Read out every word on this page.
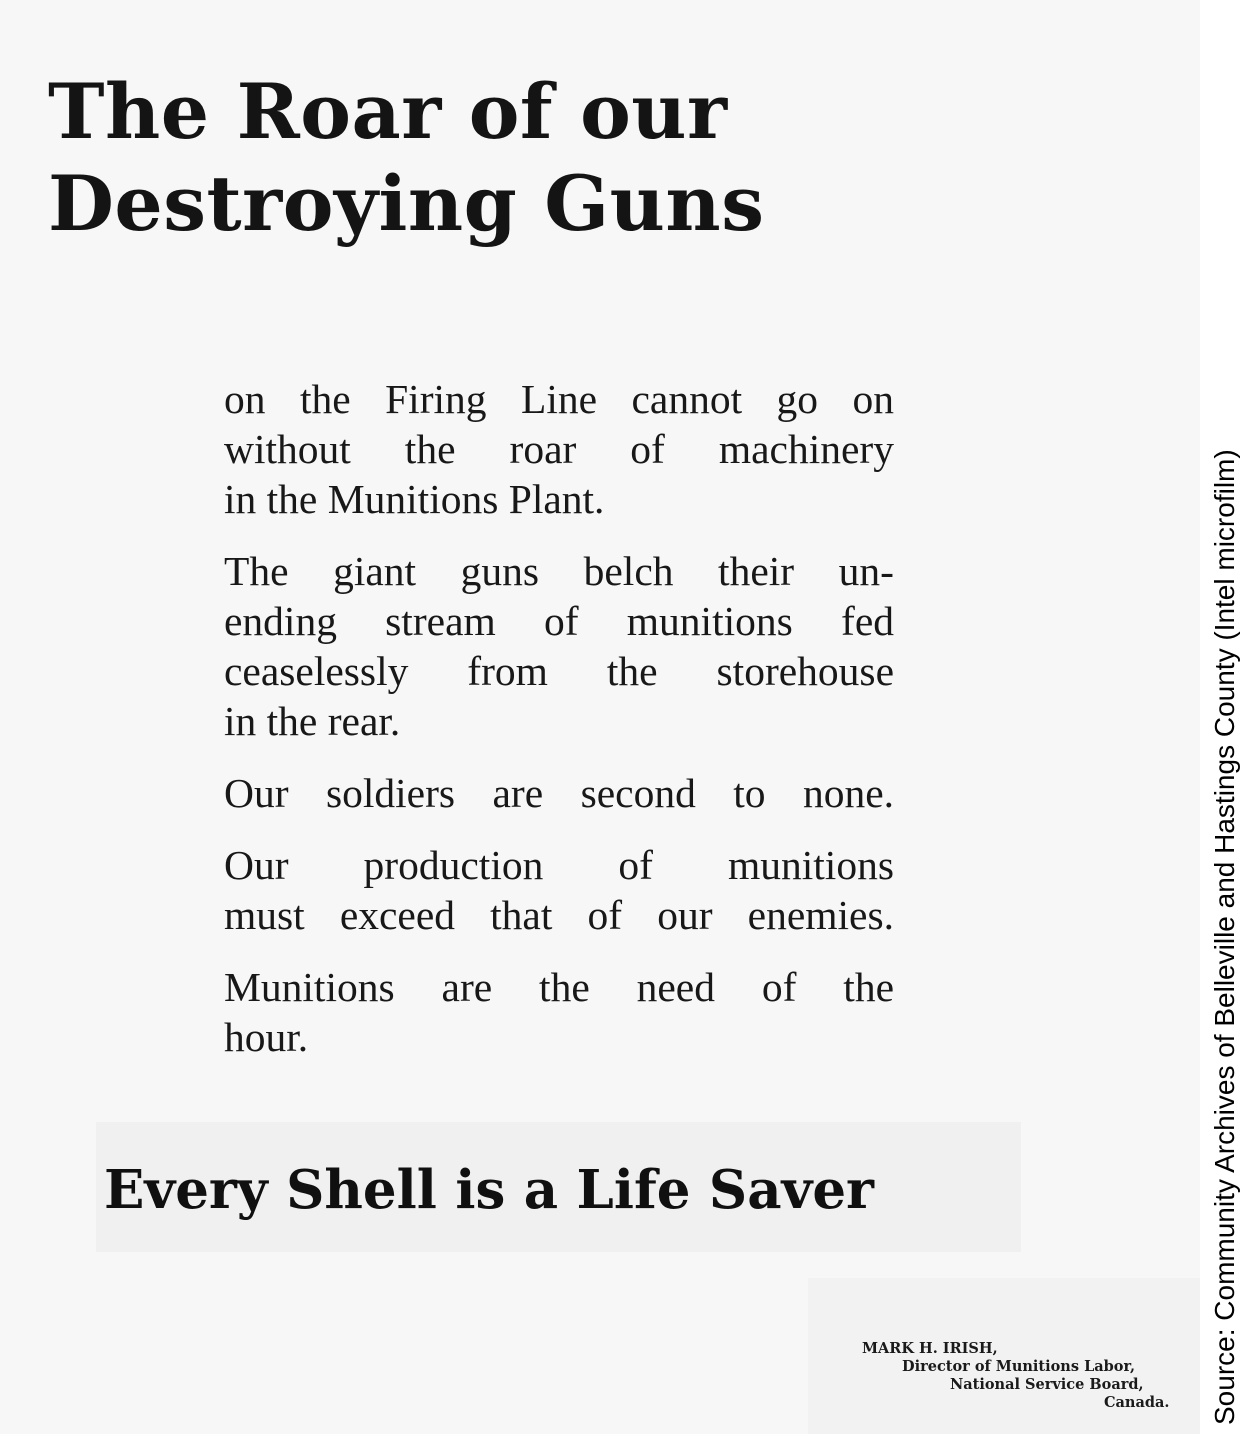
The Roar of our
Destroying Guns

on the Firing Line cannot go on
without the roar of machinery
in the Munitions Plant.

The giant guns belch their un-
ending stream of munitions fed
ceaselessly from the storehouse
in the rear.

Our soldiers are second to none.

Our production of munitions
must exceed that of our enemies.

Munitions are the need of the
hour.

Every Shell is a Life Saver

MARK H. IRISH,
Director of Munitions Labor,
National Service Board,
Canada.	Source: Community Archives of Belleville and Hastings County (Intel microfilm)
